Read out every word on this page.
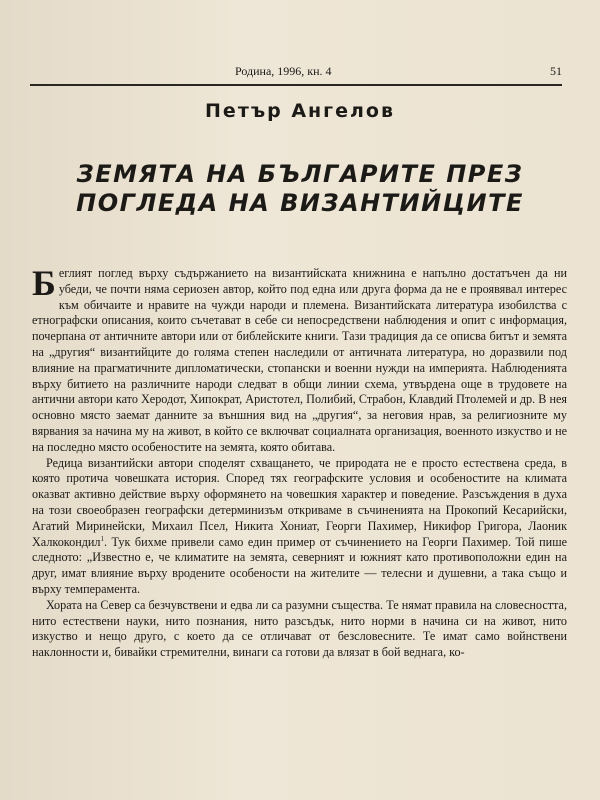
Родина, 1996, кн. 4	51
Петър Ангелов
ЗЕМЯТА НА БЪЛГАРИТЕ ПРЕЗ ПОГЛЕДА НА ВИЗАНТИЙЦИТЕ

Беглият поглед върху съдържанието на византийската книжнина е напълно достатъчен да ни убеди, че почти няма сериозен автор, който под една или друга форма да не е проявявал интерес към обичаите и нравите на чужди народи и племена. Византийската литература изобилства с етнографски описания, които съчетават в себе си непосредствени наблюдения и опит с информация, почерпана от античните автори или от библейските книги. Тази традиция да се описва битът и земята на „другия“ византийците до голяма степен наследили от античната литература, но доразвили под влияние на прагматичните дипломатически, стопански и военни нужди на империята. Наблюденията върху битието на различните народи следват в общи линии схема, утвърдена още в трудовете на антични автори като Херодот, Хипократ, Аристотел, Полибий, Страбон, Клавдий Птолемей и др. В нея основно място заемат данните за външния вид на „другия“, за неговия нрав, за религиозните му вярвания за начина му на живот, в който се включват социалната организация, военното изкуство и не на последно място особеностите на земята, която обитава.

Редица византийски автори споделят схващането, че природата не е просто естествена среда, в която протича човешката история. Според тях географските условия и особеностите на климата оказват активно действие върху оформянето на човешкия характер и поведение. Разсъждения в духа на този своеобразен географски детерминизъм откриваме в съчиненията на Прокопий Кесарийски, Агатий Миринейски, Михаил Псел, Никита Хониат, Георги Пахимер, Никифор Григора, Лаоник Халкокондил$^1$. Тук бихме привели само един пример от съчинението на Георги Пахимер. Той пише следното: „Известно е, че климатите на земята, северният и южният като противоположни един на друг, имат влияние върху вродените особености на жителите — телесни и душевни, а така също и върху темперамента.

Хората на Север са безчувствени и едва ли са разумни същества. Те нямат правила на словесността, нито естествени науки, нито познания, нито разсъдък, нито норми в начина си на живот, нито изкуство и нещо друго, с което да се отличават от безсловесните. Те имат само войнствени наклонности и, бивайки стремителни, винаги са готови да влязат в бой веднага, ко-
